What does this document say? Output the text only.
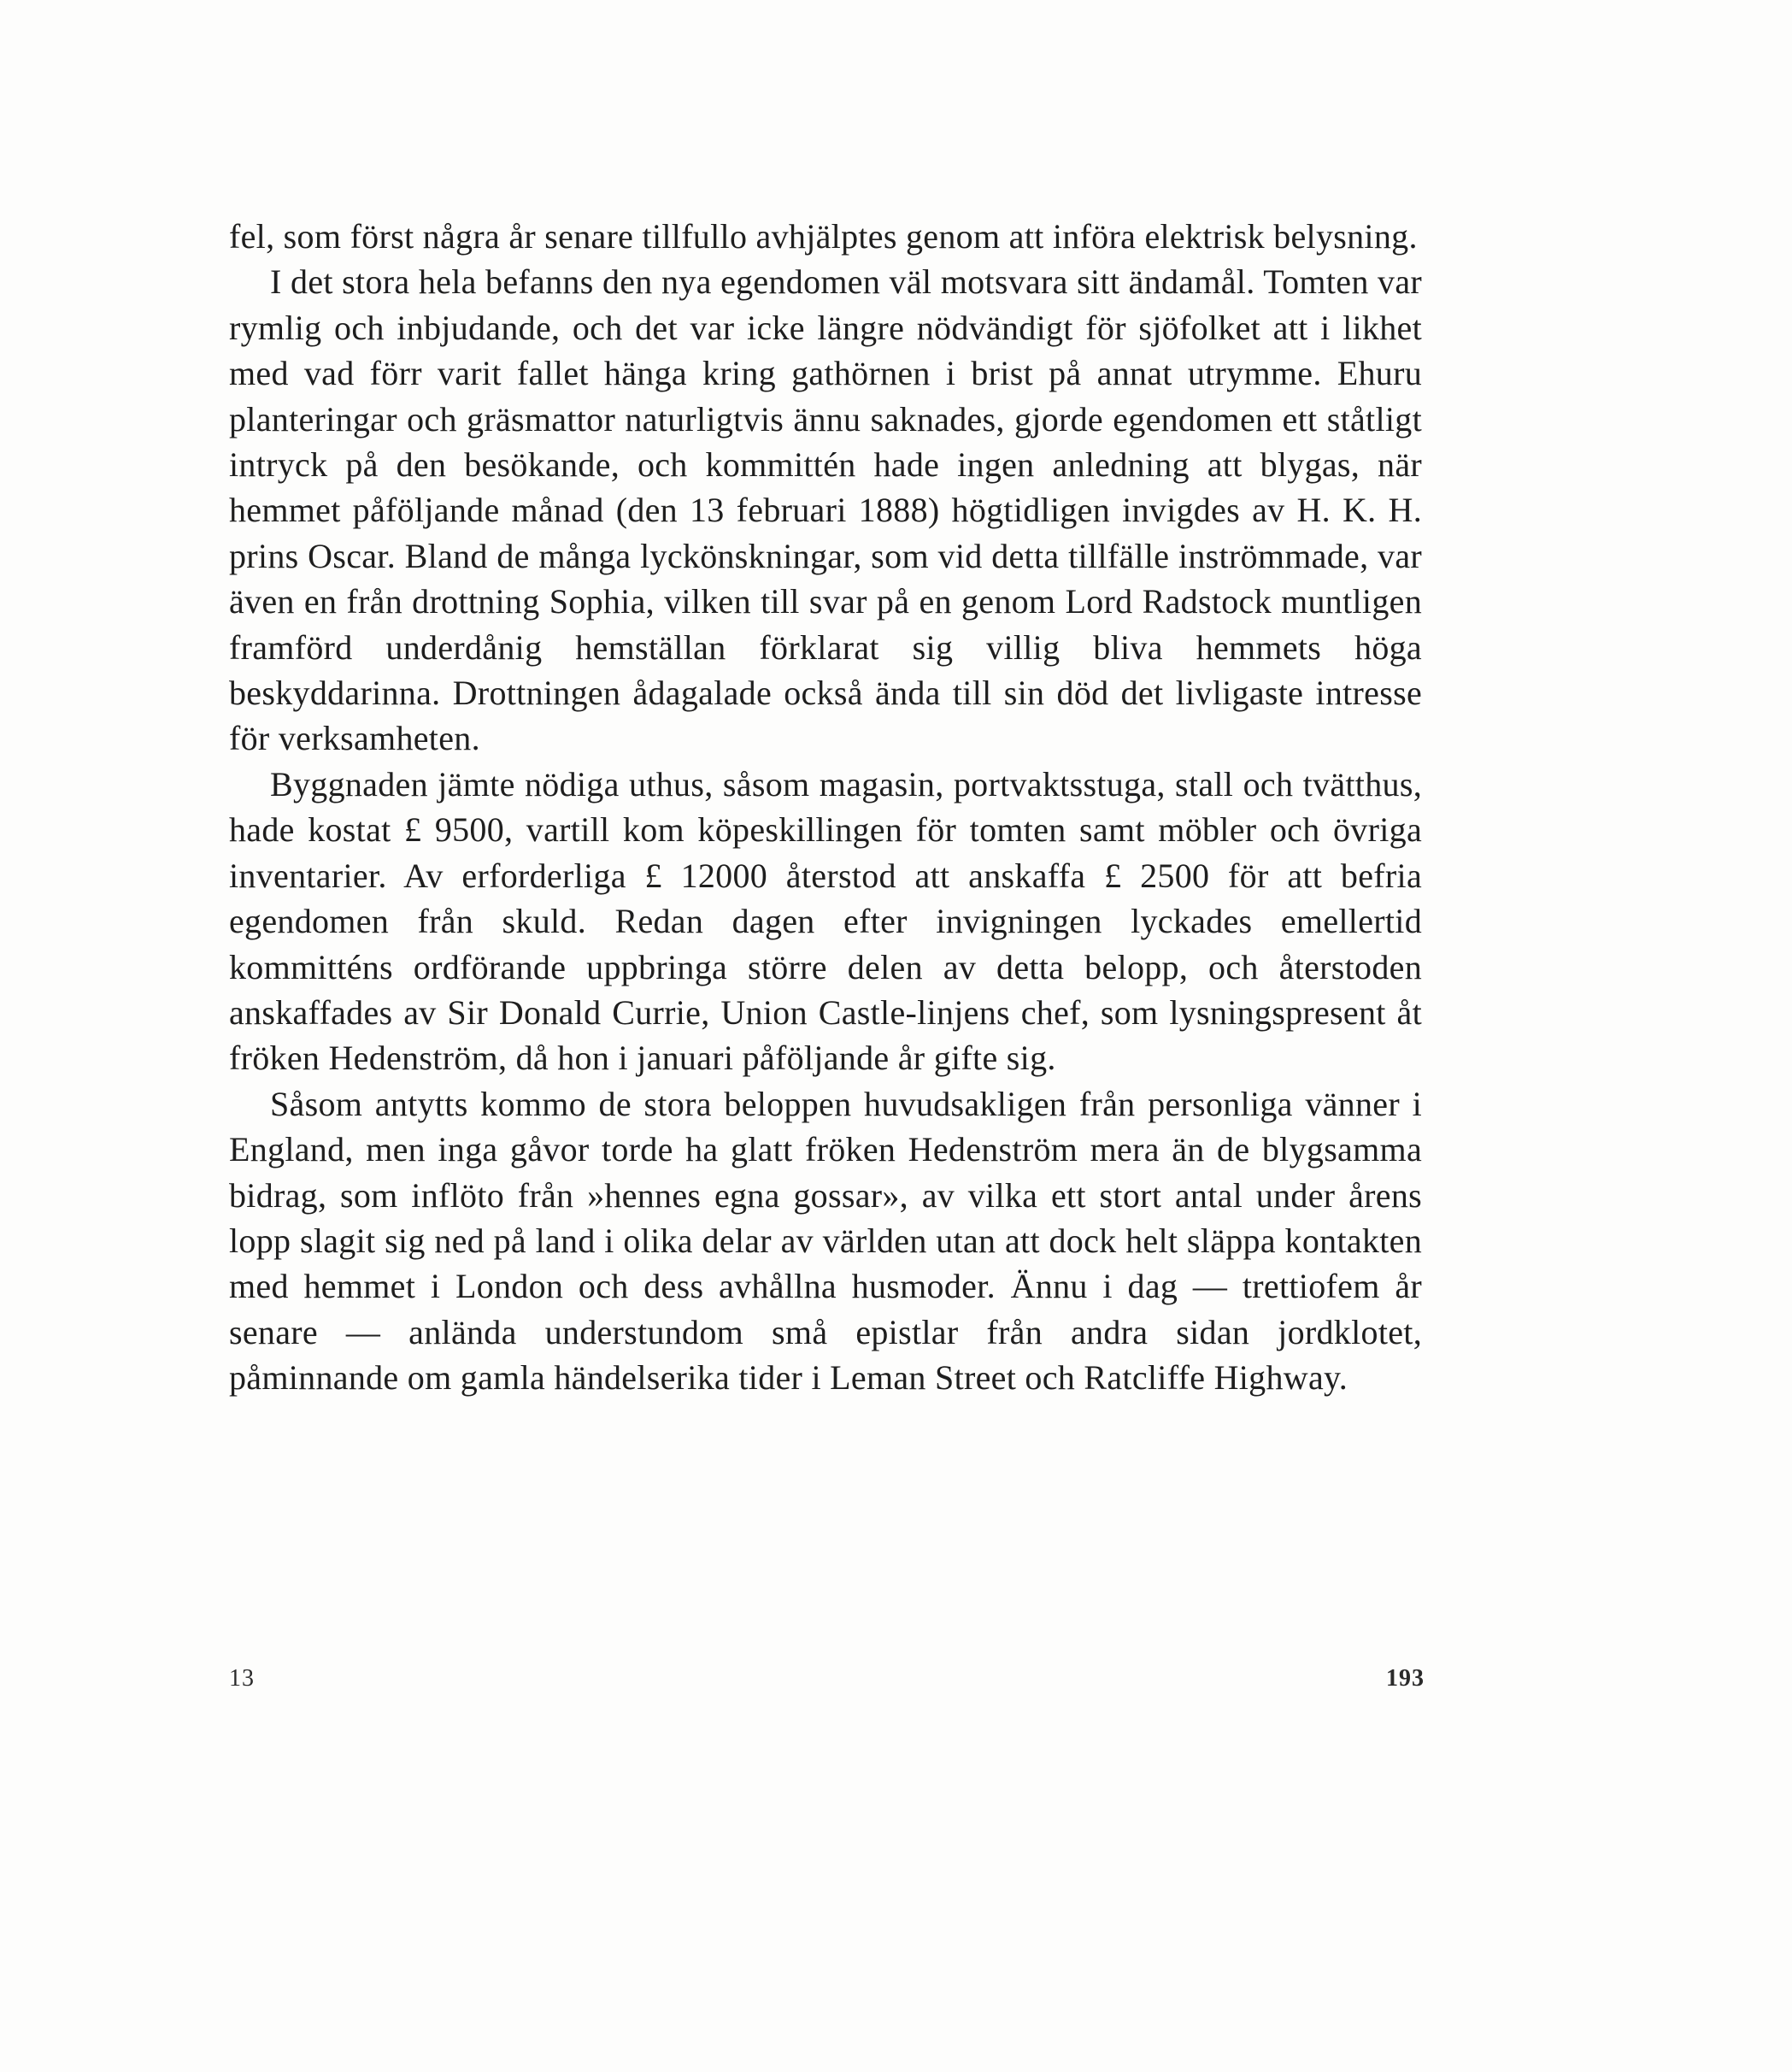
fel, som först några år senare tillfullo avhjälptes genom att införa elektrisk belysning.

I det stora hela befanns den nya egendomen väl motsvara sitt ändamål. Tomten var rymlig och inbjudande, och det var icke längre nödvändigt för sjöfolket att i likhet med vad förr varit fallet hänga kring gathörnen i brist på annat utrymme. Ehuru planteringar och gräsmattor naturligtvis ännu saknades, gjorde egendomen ett ståtligt intryck på den besökande, och kommittén hade ingen anledning att blygas, när hemmet påföljande månad (den 13 februari 1888) högtidligen invigdes av H. K. H. prins Oscar. Bland de många lyckönskningar, som vid detta tillfälle inströmmade, var även en från drottning Sophia, vilken till svar på en genom Lord Radstock muntligen framförd underdånig hemställan förklarat sig villig bliva hemmets höga beskyddarinna. Drottningen ådagalade också ända till sin död det livligaste intresse för verksamheten.

Byggnaden jämte nödiga uthus, såsom magasin, portvaktsstuga, stall och tvätthus, hade kostat £ 9500, vartill kom köpeskillingen för tomten samt möbler och övriga inventarier. Av erforderliga £ 12000 återstod att anskaffa £ 2500 för att befria egendomen från skuld. Redan dagen efter invigningen lyckades emellertid kommitténs ordförande uppbringa större delen av detta belopp, och återstoden anskaffades av Sir Donald Currie, Union Castle-linjens chef, som lysningspresent åt fröken Hedenström, då hon i januari påföljande år gifte sig.

Såsom antytts kommo de stora beloppen huvudsakligen från personliga vänner i England, men inga gåvor torde ha glatt fröken Hedenström mera än de blygsamma bidrag, som inflöto från »hennes egna gossar», av vilka ett stort antal under årens lopp slagit sig ned på land i olika delar av världen utan att dock helt släppa kontakten med hemmet i London och dess avhållna husmoder. Ännu i dag — trettiofem år senare — anlända understundom små epistlar från andra sidan jordklotet, påminnande om gamla händelserika tider i Leman Street och Ratcliffe Highway.

13	193
